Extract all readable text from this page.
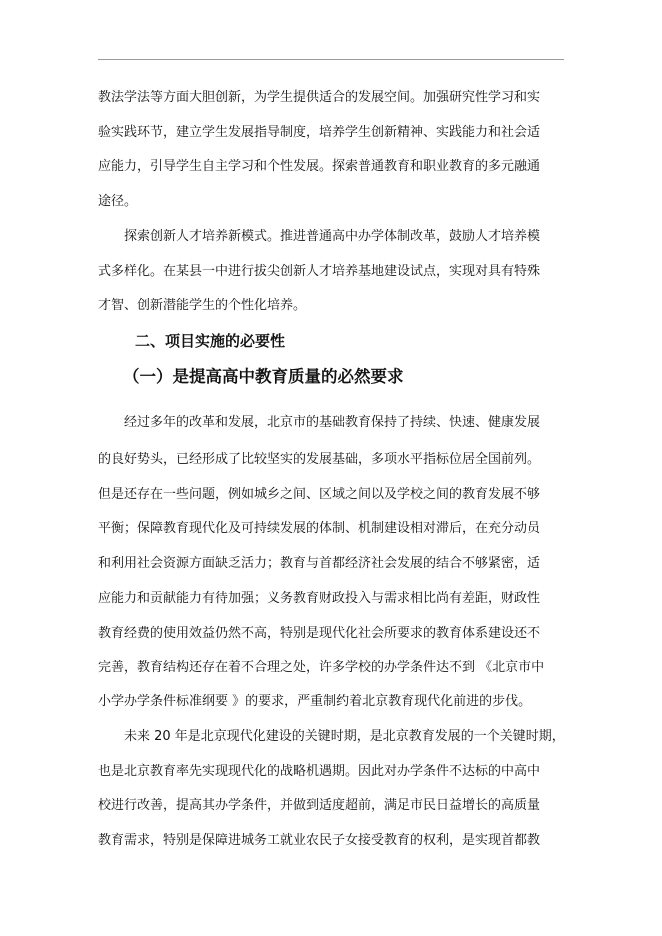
教法学法等方面大胆创新，为学生提供适合的发展空间。加强研究性学习和实
验实践环节，建立学生发展指导制度，培养学生创新精神、实践能力和社会适
应能力，引导学生自主学习和个性发展。探索普通教育和职业教育的多元融通
途径。
探索创新人才培养新模式。推进普通高中办学体制改革，鼓励人才培养模
式多样化。在某县一中进行拔尖创新人才培养基地建设试点，实现对具有特殊
才智、创新潜能学生的个性化培养。
二、项目实施的必要性
（一）是提高高中教育质量的必然要求
经过多年的改革和发展，北京市的基础教育保持了持续、快速、健康发展
的良好势头，已经形成了比较坚实的发展基础，多项水平指标位居全国前列。
但是还存在一些问题，例如城乡之间、区域之间以及学校之间的教育发展不够
平衡；保障教育现代化及可持续发展的体制、机制建设相对滞后，在充分动员
和利用社会资源方面缺乏活力；教育与首都经济社会发展的结合不够紧密，适
应能力和贡献能力有待加强；义务教育财政投入与需求相比尚有差距，财政性
教育经费的使用效益仍然不高，特别是现代化社会所要求的教育体系建设还不
完善，教育结构还存在着不合理之处，许多学校的办学条件达不到 《北京市中
小学办学条件标准纲要 》的要求，严重制约着北京教育现代化前进的步伐。
未来 20 年是北京现代化建设的关键时期，是北京教育发展的一个关键时期，
也是北京教育率先实现现代化的战略机遇期。因此对办学条件不达标的中高中
校进行改善，提高其办学条件，并做到适度超前，满足市民日益增长的高质量
教育需求，特别是保障进城务工就业农民子女接受教育的权利，是实现首都教
